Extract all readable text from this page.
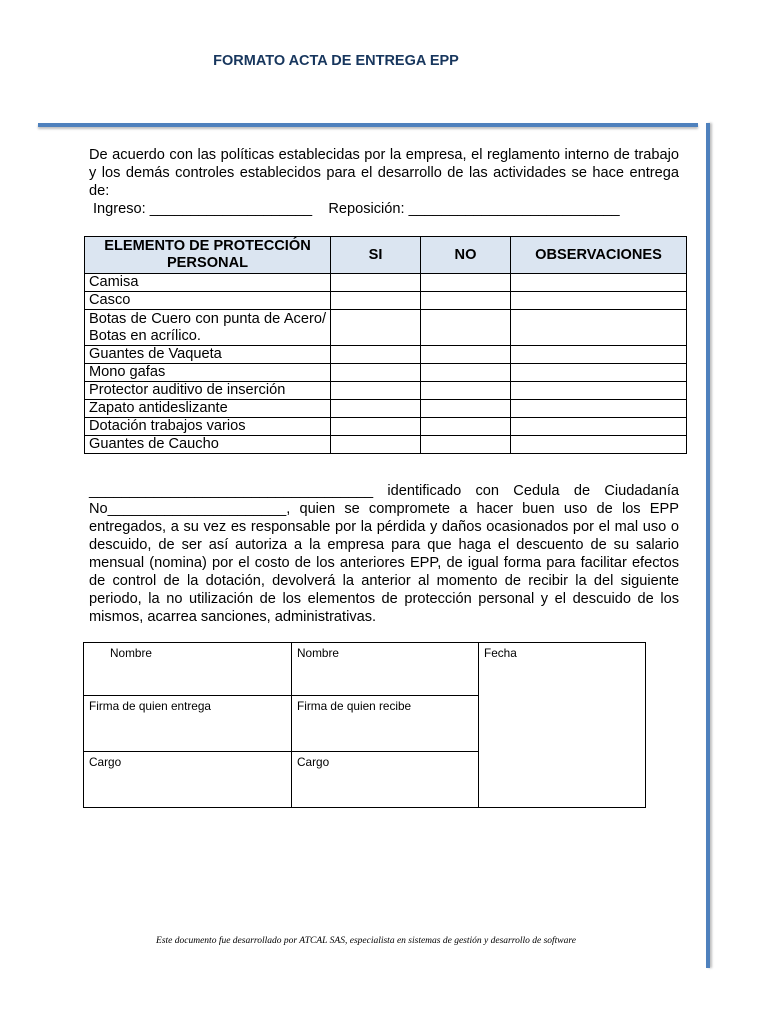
FORMATO ACTA DE ENTREGA EPP
De acuerdo con las políticas establecidas por la empresa, el reglamento interno de trabajo y los demás controles establecidos para el desarrollo de las actividades se hace entrega de:
Ingreso: ____________________    Reposición: __________________________
ELEMENTO DE PROTECCIÓN PERSONAL	SI	NO	OBSERVACIONES
Camisa			
Casco			
Botas de Cuero con punta de Acero/ Botas en acrílico.			
Guantes de Vaqueta			
Mono gafas			
Protector auditivo de inserción			
Zapato antideslizante			
Dotación trabajos varios			
Guantes de Caucho			
___________________________________ identificado con Cedula de Ciudadanía No______________________, quien se compromete a hacer buen uso de los EPP entregados, a su vez es responsable por la pérdida y daños ocasionados por el mal uso o descuido, de ser así autoriza a la empresa para que haga el descuento de su salario mensual (nomina) por el costo de los anteriores EPP, de igual forma para facilitar efectos de control de la dotación, devolverá la anterior al momento de recibir la del siguiente periodo, la no utilización de los elementos de protección personal y el descuido de los mismos, acarrea sanciones, administrativas.
Nombre	Nombre	Fecha
Firma de quien entrega	Firma de quien recibe	
Cargo	Cargo	
Este documento fue desarrollado por ATCAL SAS, especialista en sistemas de gestión y desarrollo de software
